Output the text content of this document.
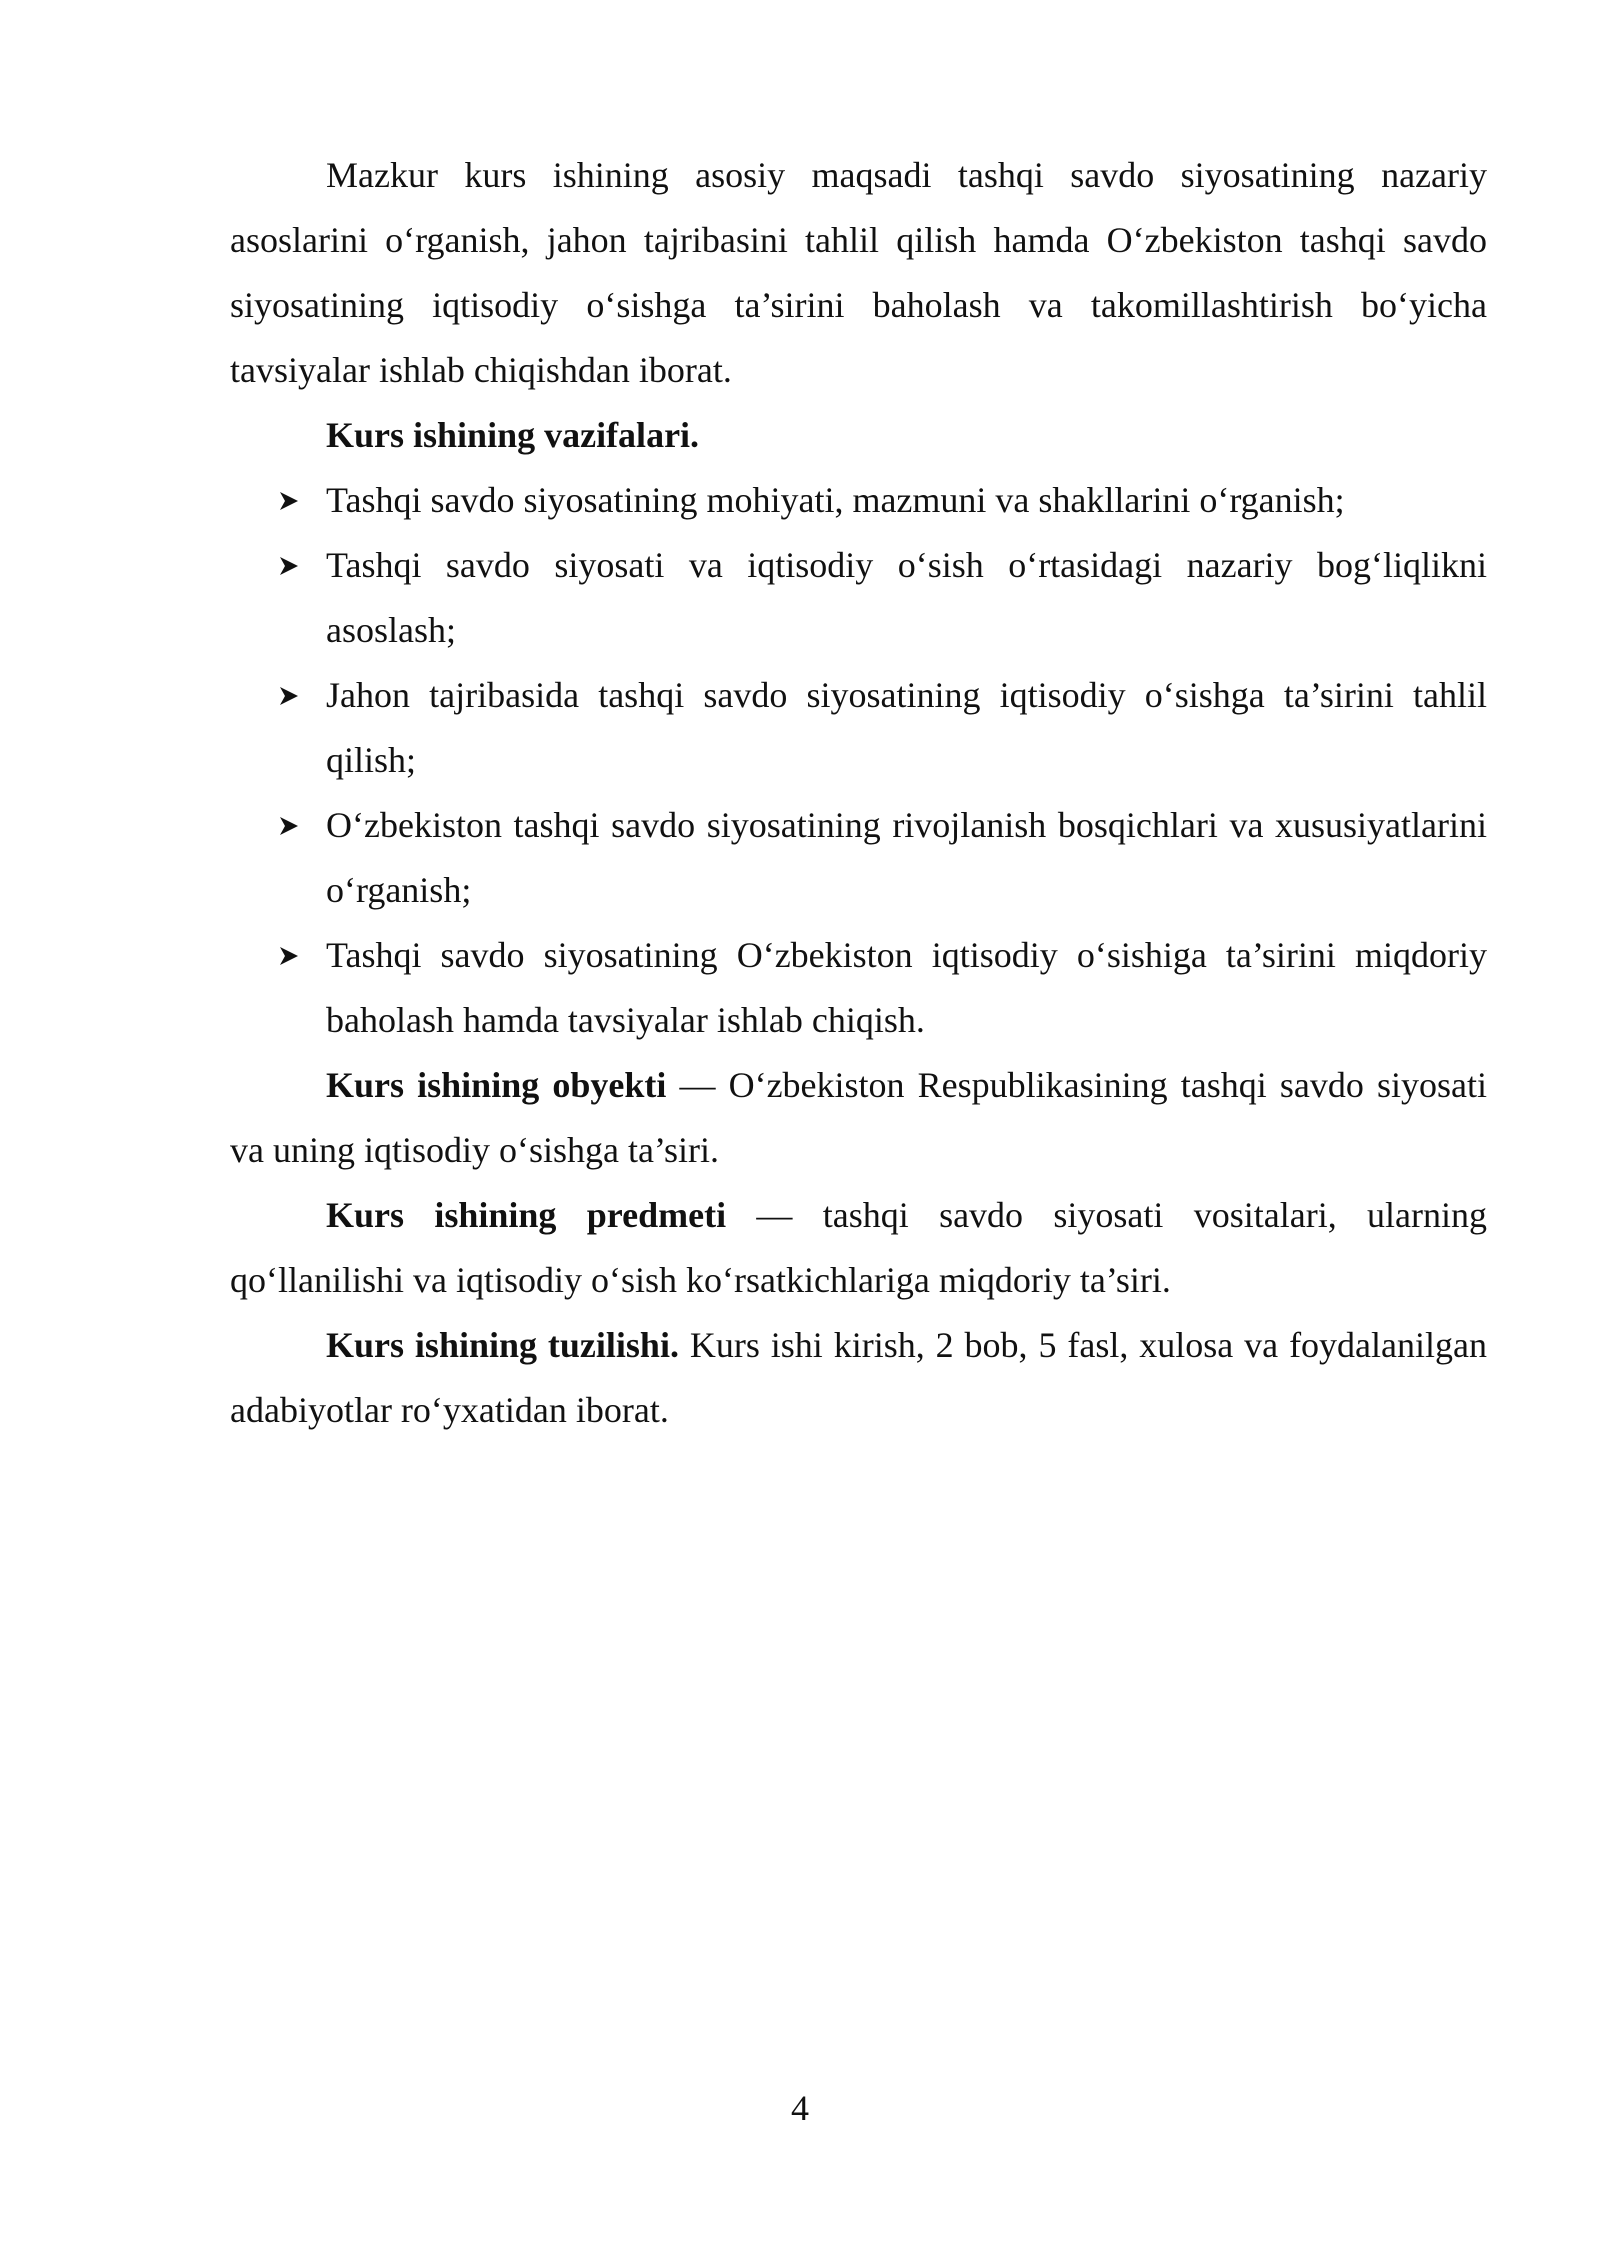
Mazkur kurs ishining asosiy maqsadi tashqi savdo siyosatining nazariy asoslarini o‘rganish, jahon tajribasini tahlil qilish hamda O‘zbekiston tashqi savdo siyosatining iqtisodiy o‘sishga ta’sirini baholash va takomillashtirish bo‘yicha tavsiyalar ishlab chiqishdan iborat.

Kurs ishining vazifalari.

Tashqi savdo siyosatining mohiyati, mazmuni va shakllarini o‘rganish;
Tashqi savdo siyosati va iqtisodiy o‘sish o‘rtasidagi nazariy bog‘liqlikni asoslash;
Jahon tajribasida tashqi savdo siyosatining iqtisodiy o‘sishga ta’sirini tahlil qilish;
O‘zbekiston tashqi savdo siyosatining rivojlanish bosqichlari va xususiyatlarini o‘rganish;
Tashqi savdo siyosatining O‘zbekiston iqtisodiy o‘sishiga ta’sirini miqdoriy baholash hamda tavsiyalar ishlab chiqish.

Kurs ishining obyekti — O‘zbekiston Respublikasining tashqi savdo siyosati va uning iqtisodiy o‘sishga ta’siri.

Kurs ishining predmeti — tashqi savdo siyosati vositalari, ularning qo‘llanilishi va iqtisodiy o‘sish ko‘rsatkichlariga miqdoriy ta’siri.

Kurs ishining tuzilishi. Kurs ishi kirish, 2 bob, 5 fasl, xulosa va foydalanilgan adabiyotlar ro‘yxatidan iborat.

4
